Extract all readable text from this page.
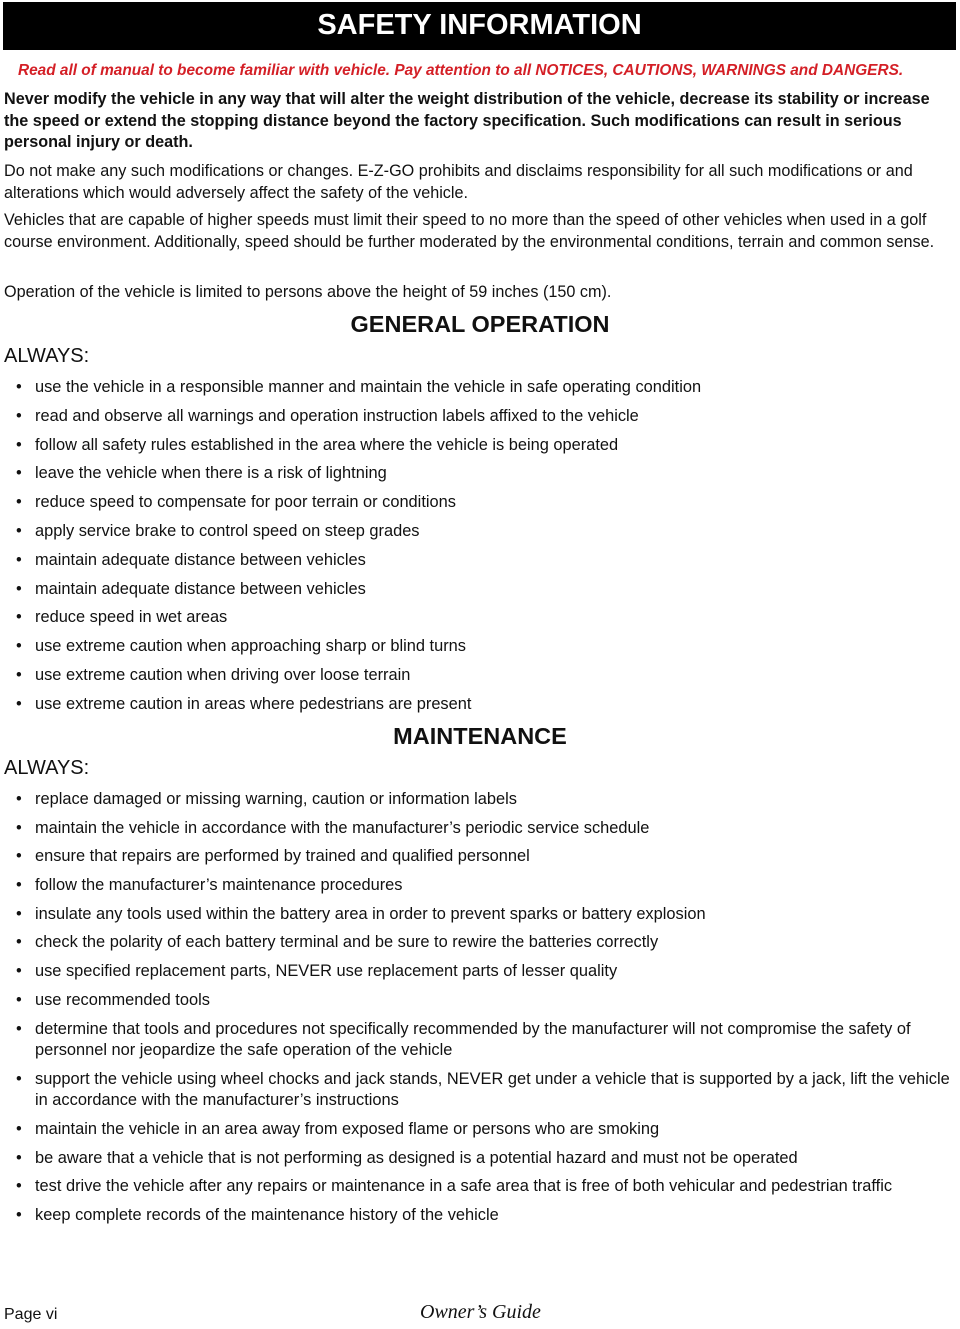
SAFETY INFORMATION
Read all of manual to become familiar with vehicle. Pay attention to all NOTICES, CAUTIONS, WARNINGS and DANGERS.
Never modify the vehicle in any way that will alter the weight distribution of the vehicle, decrease its stability or increase the speed or extend the stopping distance beyond the factory specification. Such modifications can result in serious personal injury or death.
Do not make any such modifications or changes. E-Z-GO prohibits and disclaims responsibility for all such modifications or and alterations which would adversely affect the safety of the vehicle.
Vehicles that are capable of higher speeds must limit their speed to no more than the speed of other vehicles when used in a golf course environment. Additionally, speed should be further moderated by the environmental conditions, terrain and common sense.
Operation of the vehicle is limited to persons above the height of 59 inches (150 cm).
GENERAL OPERATION
ALWAYS:
• use the vehicle in a responsible manner and maintain the vehicle in safe operating condition
• read and observe all warnings and operation instruction labels affixed to the vehicle
• follow all safety rules established in the area where the vehicle is being operated
• leave the vehicle when there is a risk of lightning
• reduce speed to compensate for poor terrain or conditions
• apply service brake to control speed on steep grades
• maintain adequate distance between vehicles
• maintain adequate distance between vehicles
• reduce speed in wet areas
• use extreme caution when approaching sharp or blind turns
• use extreme caution when driving over loose terrain
• use extreme caution in areas where pedestrians are present
MAINTENANCE
ALWAYS:
• replace damaged or missing warning, caution or information labels
• maintain the vehicle in accordance with the manufacturer’s periodic service schedule
• ensure that repairs are performed by trained and qualified personnel
• follow the manufacturer’s maintenance procedures
• insulate any tools used within the battery area in order to prevent sparks or battery explosion
• check the polarity of each battery terminal and be sure to rewire the batteries correctly
• use specified replacement parts, NEVER use replacement parts of lesser quality
• use recommended tools
• determine that tools and procedures not specifically recommended by the manufacturer will not compromise the safety of personnel nor jeopardize the safe operation of the vehicle
• support the vehicle using wheel chocks and jack stands, NEVER get under a vehicle that is supported by a jack, lift the vehicle in accordance with the manufacturer’s instructions
• maintain the vehicle in an area away from exposed flame or persons who are smoking
• be aware that a vehicle that is not performing as designed is a potential hazard and must not be operated
• test drive the vehicle after any repairs or maintenance in a safe area that is free of both vehicular and pedestrian traffic
• keep complete records of the maintenance history of the vehicle
Page vi	Owner’s Guide
